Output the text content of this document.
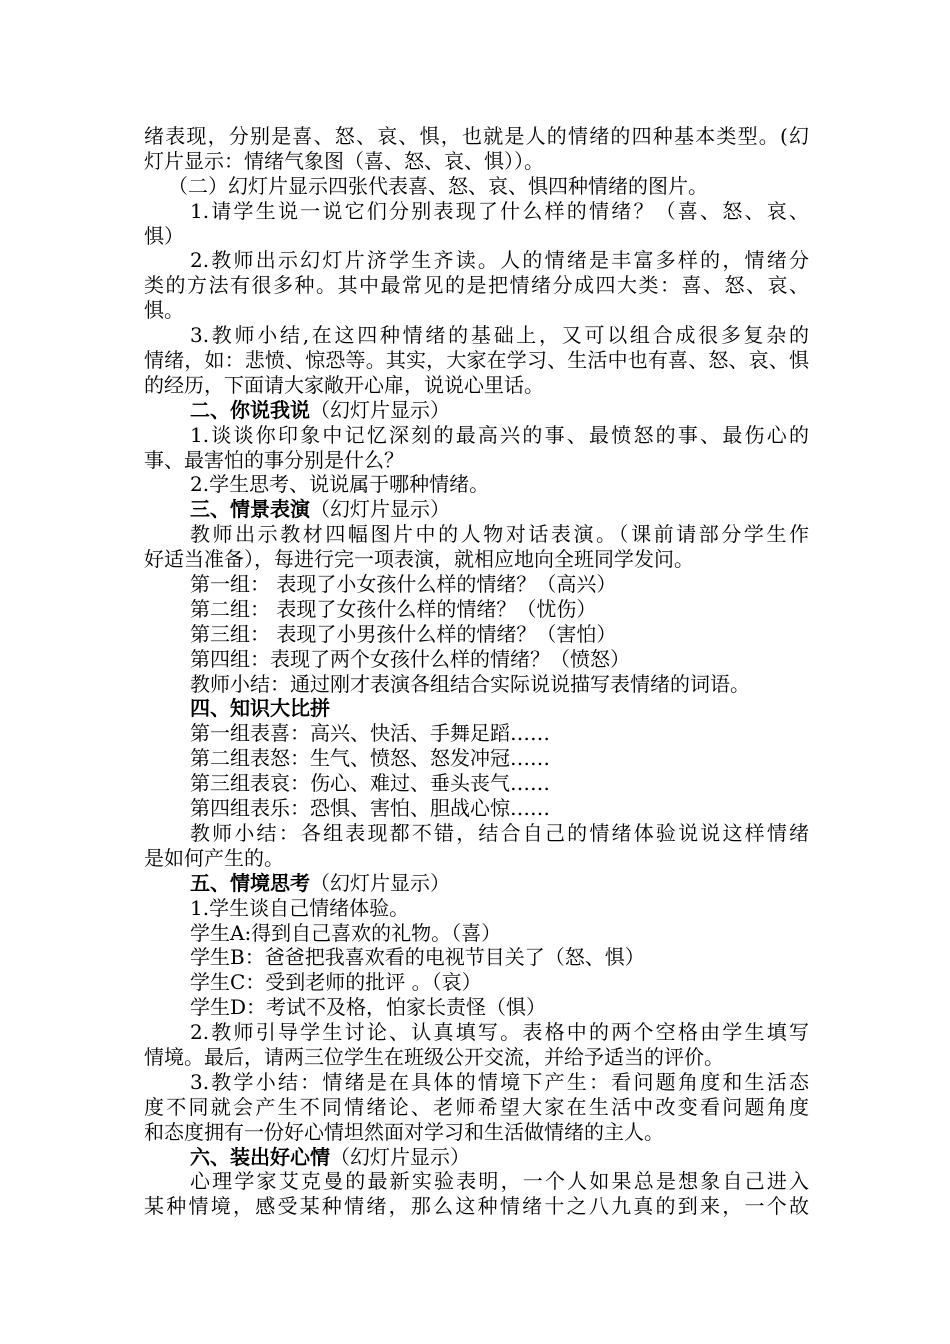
绪表现，分别是喜、怒、哀、惧，也就是人的情绪的四种基本类型。(幻
灯片显示：情绪气象图（喜、怒、哀、惧））。
（二）幻灯片显示四张代表喜、怒、哀、惧四种情绪的图片。
1.请学生说一说它们分别表现了什么样的情绪？（喜、怒、哀、
惧）
2.教师出示幻灯片济学生齐读。人的情绪是丰富多样的，情绪分
类的方法有很多种。其中最常见的是把情绪分成四大类：喜、怒、哀、
惧。
3.教师小结,在这四种情绪的基础上，又可以组合成很多复杂的
情绪，如：悲愤、惊恐等。其实，大家在学习、生活中也有喜、怒、哀、惧
的经历，下面请大家敞开心扉，说说心里话。
二、你说我说（幻灯片显示）
1.谈谈你印象中记忆深刻的最高兴的事、最愤怒的事、最伤心的
事、最害怕的事分别是什么？
2.学生思考、说说属于哪种情绪。
三、情景表演（幻灯片显示）
教师出示教材四幅图片中的人物对话表演。（课前请部分学生作
好适当准备），每进行完一项表演，就相应地向全班同学发问。
第一组： 表现了小女孩什么样的情绪？（高兴）
第二组： 表现了女孩什么样的情绪？（忧伤）
第三组： 表现了小男孩什么样的情绪？（害怕）
第四组：表现了两个女孩什么样的情绪？（愤怒）
教师小结：通过刚才表演各组结合实际说说描写表情绪的词语。
四、知识大比拼
第一组表喜：高兴、快活、手舞足蹈……
第二组表怒：生气、愤怒、怒发冲冠……
第三组表哀：伤心、难过、垂头丧气……
第四组表乐：恐惧、害怕、胆战心惊……
教师小结：各组表现都不错，结合自己的情绪体验说说这样情绪
是如何产生的。
五、情境思考（幻灯片显示）
1.学生谈自己情绪体验。
学生A:得到自己喜欢的礼物。（喜）
学生B：爸爸把我喜欢看的电视节目关了（怒、惧）
学生C：受到老师的批评 。（哀）
学生D：考试不及格，怕家长责怪（惧）
2.教师引导学生讨论、认真填写。表格中的两个空格由学生填写
情境。最后，请两三位学生在班级公开交流，并给予适当的评价。
3.教学小结：情绪是在具体的情境下产生：看问题角度和生活态
度不同就会产生不同情绪论、老师希望大家在生活中改变看问题角度
和态度拥有一份好心情坦然面对学习和生活做情绪的主人。
六、装出好心情（幻灯片显示）
心理学家艾克曼的最新实验表明，一个人如果总是想象自己进入
某种情境，感受某种情绪，那么这种情绪十之八九真的到来，一个故
